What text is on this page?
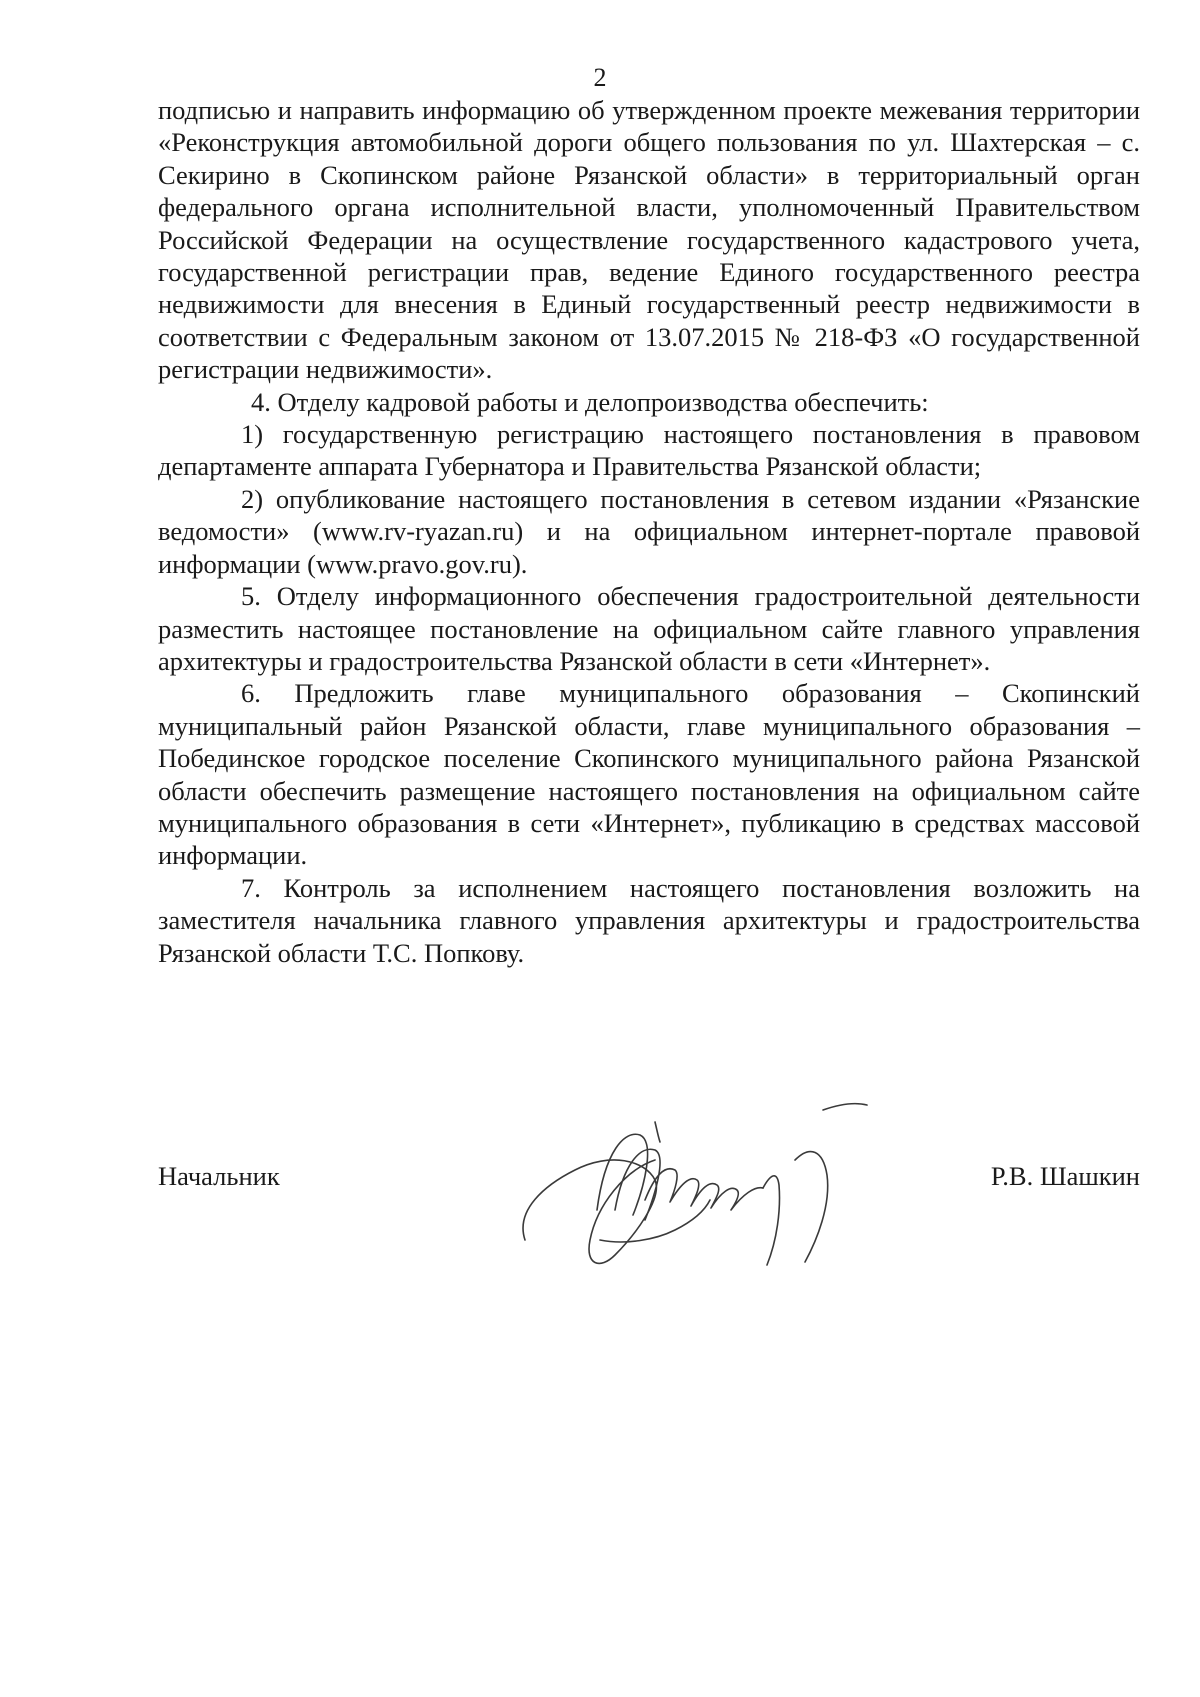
2

подписью и направить информацию об утвержденном проекте межевания территории «Реконструкция автомобильной дороги общего пользования по ул. Шахтерская – с. Секирино в Скопинском районе Рязанской области» в территориальный орган федерального органа исполнительной власти, уполномоченный Правительством Российской Федерации на осуществление государственного кадастрового учета, государственной регистрации прав, ведение Единого государственного реестра недвижимости для внесения в Единый государственный реестр недвижимости в соответствии с Федеральным законом от 13.07.2015 № 218-ФЗ «О государственной регистрации недвижимости».

4. Отделу кадровой работы и делопроизводства обеспечить:

1) государственную регистрацию настоящего постановления в правовом департаменте аппарата Губернатора и Правительства Рязанской области;

2) опубликование настоящего постановления в сетевом издании «Рязанские ведомости» (www.rv-ryazan.ru) и на официальном интернет-портале правовой информации (www.pravo.gov.ru).

5. Отделу информационного обеспечения градостроительной деятельности разместить настоящее постановление на официальном сайте главного управления архитектуры и градостроительства Рязанской области в сети «Интернет».

6. Предложить главе муниципального образования – Скопинский муниципальный район Рязанской области, главе муниципального образования – Побединское городское поселение Скопинского муниципального района Рязанской области обеспечить размещение настоящего постановления на официальном сайте муниципального образования в сети «Интернет», публикацию в средствах массовой информации.

7. Контроль за исполнением настоящего постановления возложить на заместителя начальника главного управления архитектуры и градостроительства Рязанской области Т.С. Попкову.

Начальник	Р.В. Шашкин
